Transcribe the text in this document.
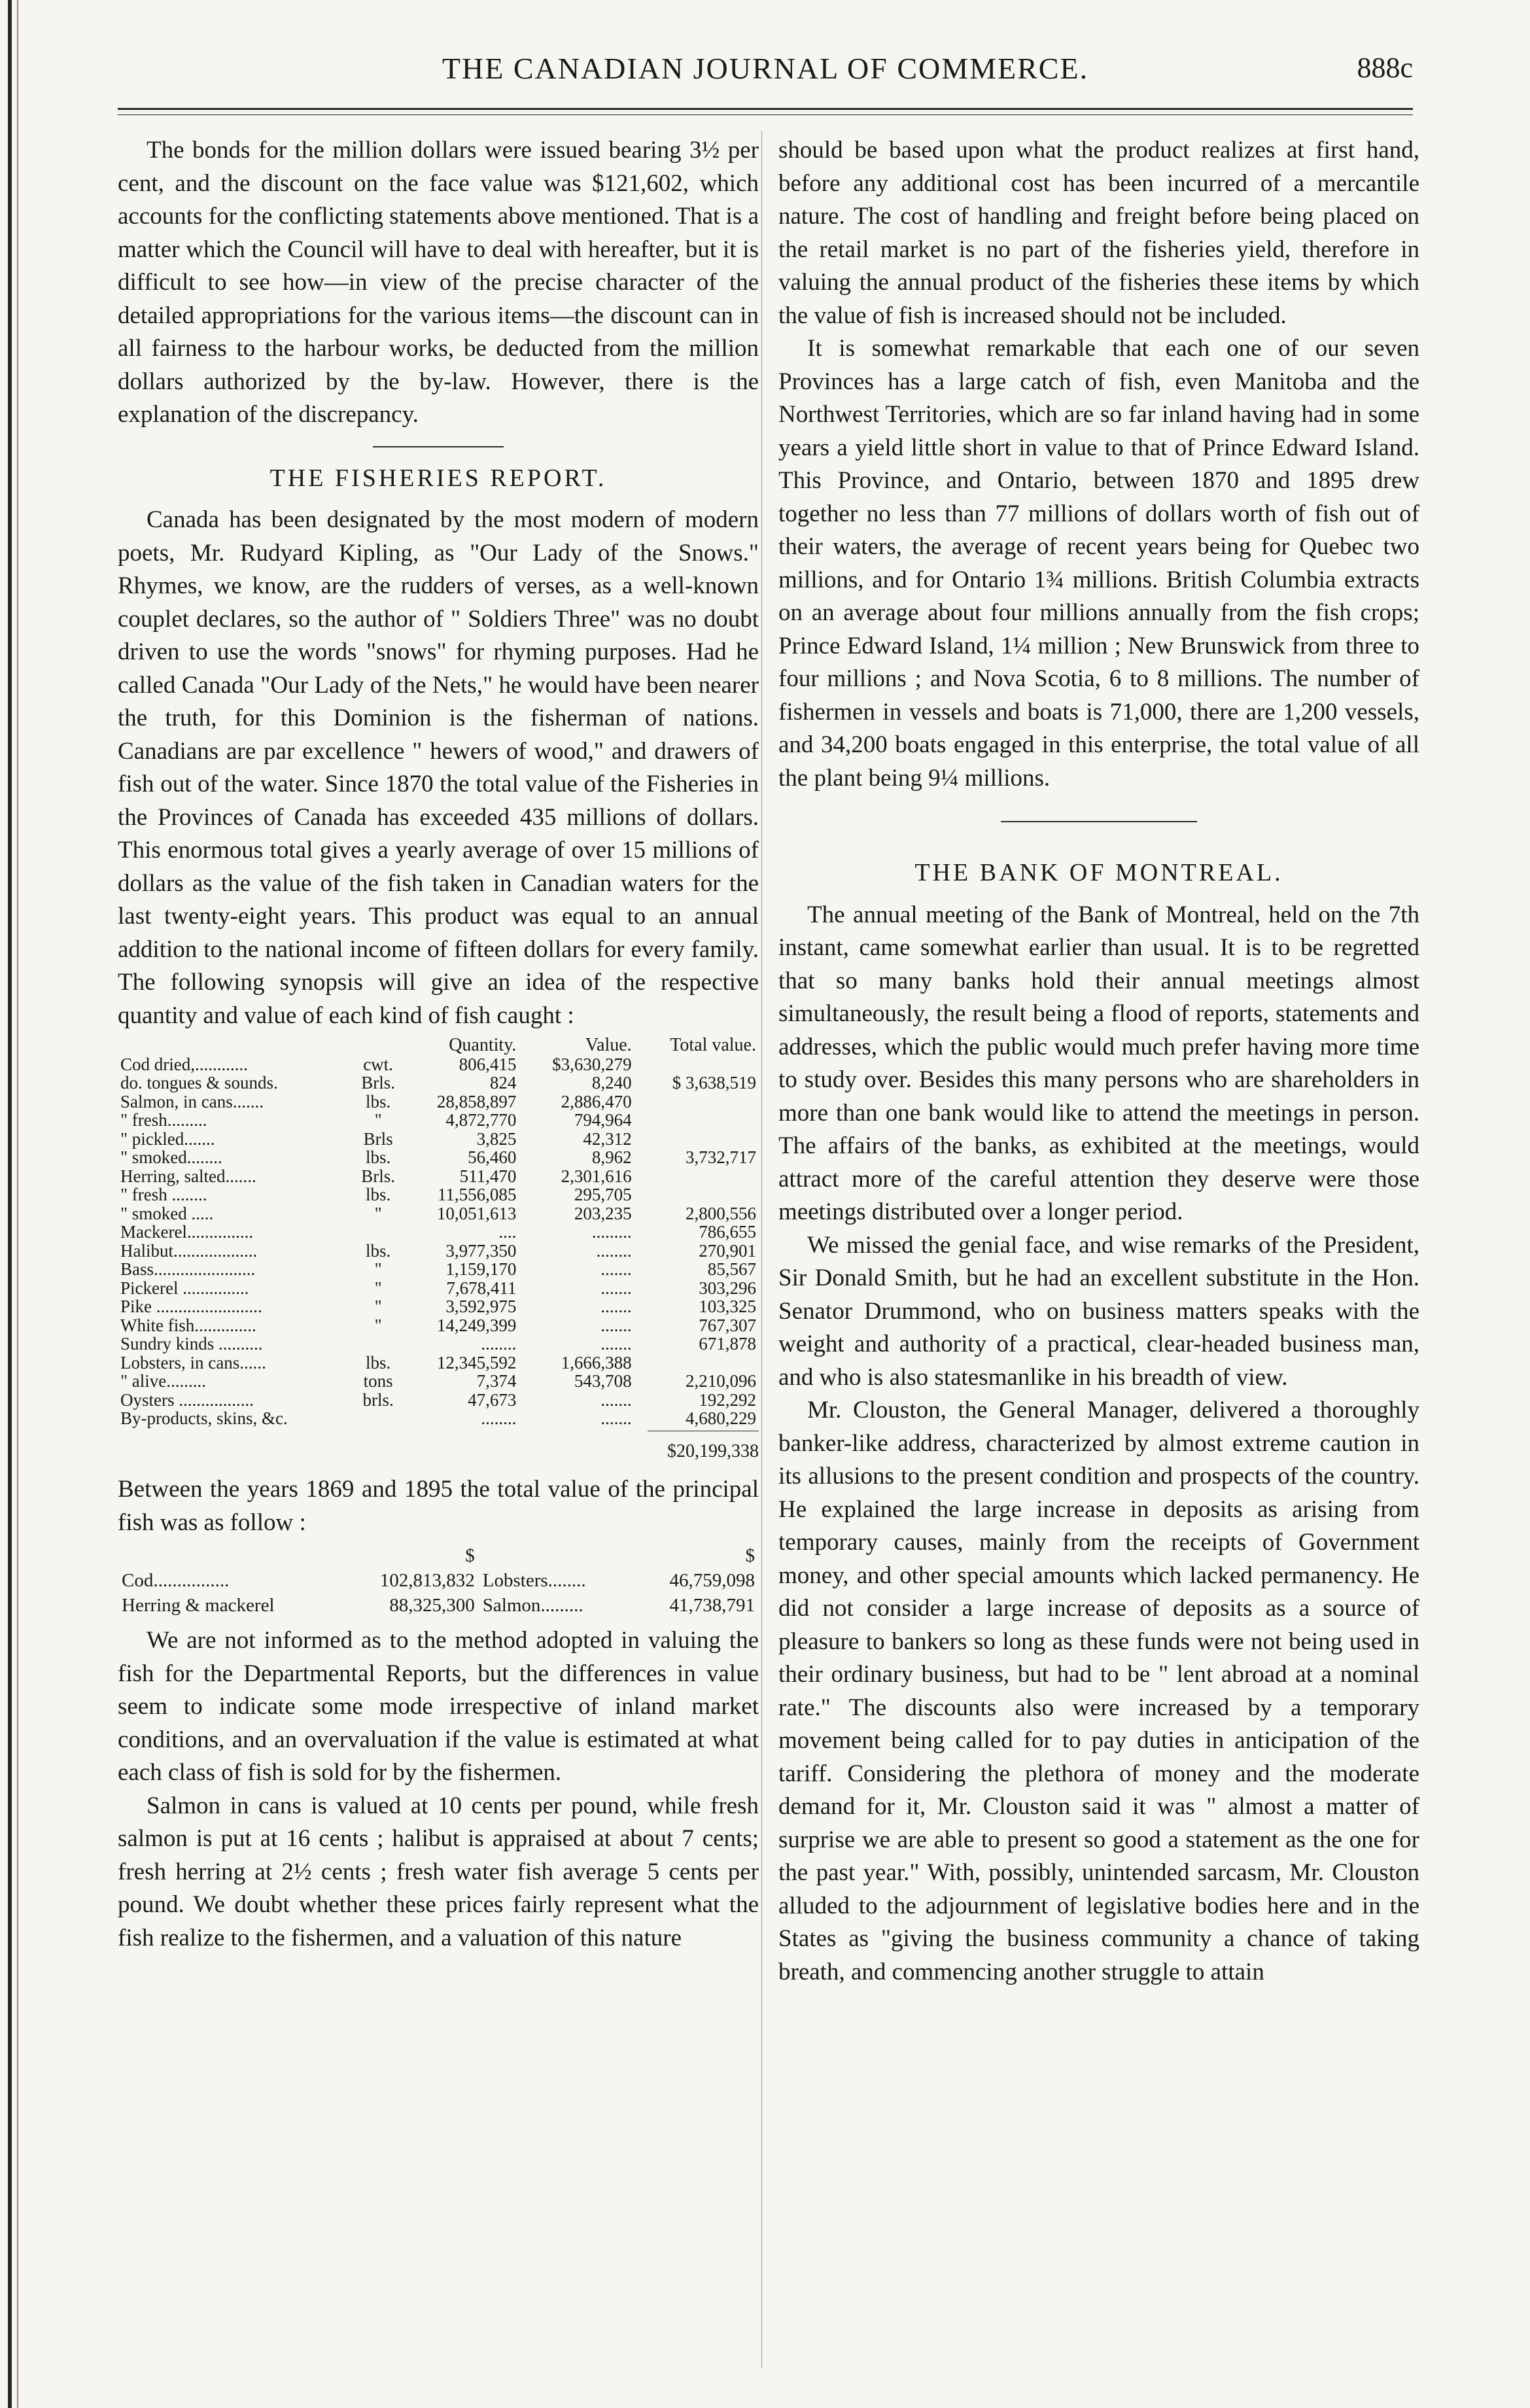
THE CANADIAN JOURNAL OF COMMERCE.	888c

The bonds for the million dollars were issued bearing 3½ per cent, and the discount on the face value was $121,602, which accounts for the conflicting statements above mentioned. That is a matter which the Council will have to deal with hereafter, but it is difficult to see how—in view of the precise character of the detailed appropriations for the various items—the discount can in all fairness to the harbour works, be deducted from the million dollars authorized by the by-law. However, there is the explanation of the discrepancy.

THE FISHERIES REPORT.

Canada has been designated by the most modern of modern poets, Mr. Rudyard Kipling, as "Our Lady of the Snows." Rhymes, we know, are the rudders of verses, as a well-known couplet declares, so the author of " Soldiers Three" was no doubt driven to use the words "snows" for rhyming purposes. Had he called Canada "Our Lady of the Nets," he would have been nearer the truth, for this Dominion is the fisherman of nations. Canadians are par excellence " hewers of wood," and drawers of fish out of the water. Since 1870 the total value of the Fisheries in the Provinces of Canada has exceeded 435 millions of dollars. This enormous total gives a yearly average of over 15 millions of dollars as the value of the fish taken in Canadian waters for the last twenty-eight years. This product was equal to an annual addition to the national income of fifteen dollars for every family. The following synopsis will give an idea of the respective quantity and value of each kind of fish caught :

		Quantity.	Value.	Total value.
Cod dried,............	cwt.	806,415	$3,630,279	
do. tongues & sounds.	Brls.	824	8,240	$ 3,638,519
Salmon, in cans.......	lbs.	28,858,897	2,886,470	
" fresh.........	"	4,872,770	794,964	
" pickled.......	Brls	3,825	42,312	
" smoked........	lbs.	56,460	8,962	3,732,717
Herring, salted.......	Brls.	511,470	2,301,616	
" fresh ........	lbs.	11,556,085	295,705	
" smoked .....	"	10,051,613	203,235	2,800,556
Mackerel...............		....	.........	786,655
Halibut...................	lbs.	3,977,350	........	270,901
Bass.......................	"	1,159,170	.......	85,567
Pickerel ...............	"	7,678,411	.......	303,296
Pike ........................	"	3,592,975	.......	103,325
White fish..............	"	14,249,399	.......	767,307
Sundry kinds ..........		........	.......	671,878
Lobsters, in cans......	lbs.	12,345,592	1,666,388	
" alive.........	tons	7,374	543,708	2,210,096
Oysters .................	brls.	47,673	.......	192,292
By-products, skins, &c.		........	.......	4,680,229
$20,199,338

Between the years 1869 and 1895 the total value of the principal fish was as follow :

	$		$
Cod................	102,813,832	Lobsters........	46,759,098
Herring & mackerel	88,325,300	Salmon.........	41,738,791

We are not informed as to the method adopted in valuing the fish for the Departmental Reports, but the differences in value seem to indicate some mode irrespective of inland market conditions, and an overvaluation if the value is estimated at what each class of fish is sold for by the fishermen.

Salmon in cans is valued at 10 cents per pound, while fresh salmon is put at 16 cents ; halibut is appraised at about 7 cents; fresh herring at 2½ cents ; fresh water fish average 5 cents per pound. We doubt whether these prices fairly represent what the fish realize to the fishermen, and a valuation of this nature

should be based upon what the product realizes at first hand, before any additional cost has been incurred of a mercantile nature. The cost of handling and freight before being placed on the retail market is no part of the fisheries yield, therefore in valuing the annual product of the fisheries these items by which the value of fish is increased should not be included.

It is somewhat remarkable that each one of our seven Provinces has a large catch of fish, even Manitoba and the Northwest Territories, which are so far inland having had in some years a yield little short in value to that of Prince Edward Island. This Province, and Ontario, between 1870 and 1895 drew together no less than 77 millions of dollars worth of fish out of their waters, the average of recent years being for Quebec two millions, and for Ontario 1¾ millions. British Columbia extracts on an average about four millions annually from the fish crops; Prince Edward Island, 1¼ million ; New Brunswick from three to four millions ; and Nova Scotia, 6 to 8 millions. The number of fishermen in vessels and boats is 71,000, there are 1,200 vessels, and 34,200 boats engaged in this enterprise, the total value of all the plant being 9¼ millions.

THE BANK OF MONTREAL.

The annual meeting of the Bank of Montreal, held on the 7th instant, came somewhat earlier than usual. It is to be regretted that so many banks hold their annual meetings almost simultaneously, the result being a flood of reports, statements and addresses, which the public would much prefer having more time to study over. Besides this many persons who are shareholders in more than one bank would like to attend the meetings in person. The affairs of the banks, as exhibited at the meetings, would attract more of the careful attention they deserve were those meetings distributed over a longer period.

We missed the genial face, and wise remarks of the President, Sir Donald Smith, but he had an excellent substitute in the Hon. Senator Drummond, who on business matters speaks with the weight and authority of a practical, clear-headed business man, and who is also statesmanlike in his breadth of view.

Mr. Clouston, the General Manager, delivered a thoroughly banker-like address, characterized by almost extreme caution in its allusions to the present condition and prospects of the country. He explained the large increase in deposits as arising from temporary causes, mainly from the receipts of Government money, and other special amounts which lacked permanency. He did not consider a large increase of deposits as a source of pleasure to bankers so long as these funds were not being used in their ordinary business, but had to be " lent abroad at a nominal rate." The discounts also were increased by a temporary movement being called for to pay duties in anticipation of the tariff. Considering the plethora of money and the moderate demand for it, Mr. Clouston said it was " almost a matter of surprise we are able to present so good a statement as the one for the past year." With, possibly, unintended sarcasm, Mr. Clouston alluded to the adjournment of legislative bodies here and in the States as "giving the business community a chance of taking breath, and commencing another struggle to attain
